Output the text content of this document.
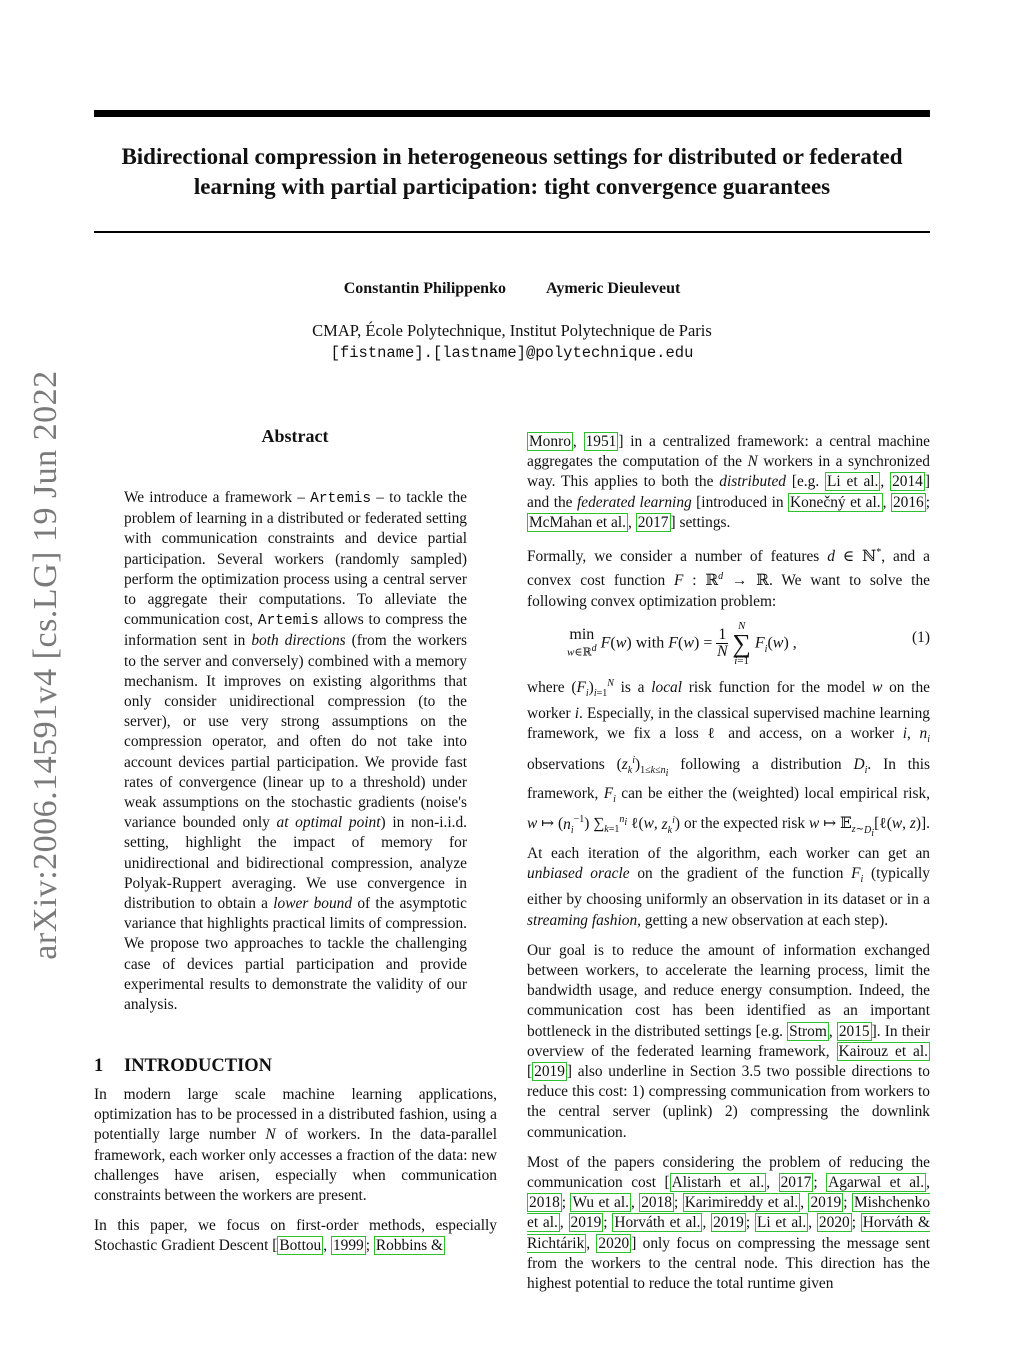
arXiv:2006.14591v4 [cs.LG] 19 Jun 2022
Bidirectional compression in heterogeneous settings for distributed or federated
learning with partial participation: tight convergence guarantees
Constantin Philippenko	Aymeric Dieuleveut
CMAP, École Polytechnique, Institut Polytechnique de Paris
[fistname].[lastname]@polytechnique.edu
Abstract
We introduce a framework – Artemis – to tackle the problem of learning in a distributed or federated setting with communication constraints and device partial participation. Several workers (randomly sampled) perform the optimization process using a central server to aggregate their computations. To alleviate the communication cost, Artemis allows to compress the information sent in both directions (from the workers to the server and conversely) combined with a memory mechanism. It improves on existing algorithms that only consider unidirectional compression (to the server), or use very strong assumptions on the compression operator, and often do not take into account devices partial participation. We provide fast rates of convergence (linear up to a threshold) under weak assumptions on the stochastic gradients (noise's variance bounded only at optimal point) in non-i.i.d. setting, highlight the impact of memory for unidirectional and bidirectional compression, analyze Polyak-Ruppert averaging. We use convergence in distribution to obtain a lower bound of the asymptotic variance that highlights practical limits of compression. We propose two approaches to tackle the challenging case of devices partial participation and provide experimental results to demonstrate the validity of our analysis.
1 INTRODUCTION

In modern large scale machine learning applications, optimization has to be processed in a distributed fashion, using a potentially large number N of workers. In the data-parallel framework, each worker only accesses a fraction of the data: new challenges have arisen, especially when communication constraints between the workers are present.

In this paper, we focus on first-order methods, especially Stochastic Gradient Descent [ Bottou , 1999 ; Robbins &

Monro , 1951 ] in a centralized framework: a central machine aggregates the computation of the N workers in a synchronized way. This applies to both the distributed [e.g. Li et al. , 2014 ] and the federated learning [introduced in Konečný et al. , 2016 ; McMahan et al. , 2017 ] settings.

Formally, we consider a number of features d ∈ ℕ*, and a convex cost function F : ℝ$^d$ → ℝ. We want to solve the following convex optimization problem:

min
w∈ℝ$^d$ F(w) with $F(w) = \frac{1}{N}$

N
∑
i=1
$F_i(w)$ ,	(1)

where $(F_i)_{i=1}^N$ is a local risk function for the model w on the worker i. Especially, in the classical supervised machine learning framework, we fix a loss ℓ and access, on a worker i, $n_i$ observations $(z_k^i)_{1\le k\le n_i}$ following a distribution $D_i$. In this framework, $F_i$ can be either the (weighted) local empirical risk, w ↦ $(n_i^{-1})$ $\sum_{k=1}^{n_i}$ ℓ(w, $z_k^i$) or the expected risk w ↦ 𝔼$_{z\sim D_i}$[ℓ(w, z)]. At each iteration of the algorithm, each worker can get an unbiased oracle on the gradient of the function $F_i$ (typically either by choosing uniformly an observation in its dataset or in a streaming fashion, getting a new observation at each step).

Our goal is to reduce the amount of information exchanged between workers, to accelerate the learning process, limit the bandwidth usage, and reduce energy consumption. Indeed, the communication cost has been identified as an important bottleneck in the distributed settings [e.g. Strom , 2015 ]. In their overview of the federated learning framework, Kairouz et al. [ 2019 ] also underline in Section 3.5 two possible directions to reduce this cost: 1) compressing communication from workers to the central server (uplink) 2) compressing the downlink communication.

Most of the papers considering the problem of reducing the communication cost [ Alistarh et al. , 2017 ; Agarwal et al. , 2018 ; Wu et al. , 2018 ; Karimireddy et al. , 2019 ; Mishchenko et al. , 2019 ; Horváth et al. , 2019 ; Li et al. , 2020 ; Horváth & Richtárik , 2020 ] only focus on compressing the message sent from the workers to the central node. This direction has the highest potential to reduce the total runtime given
